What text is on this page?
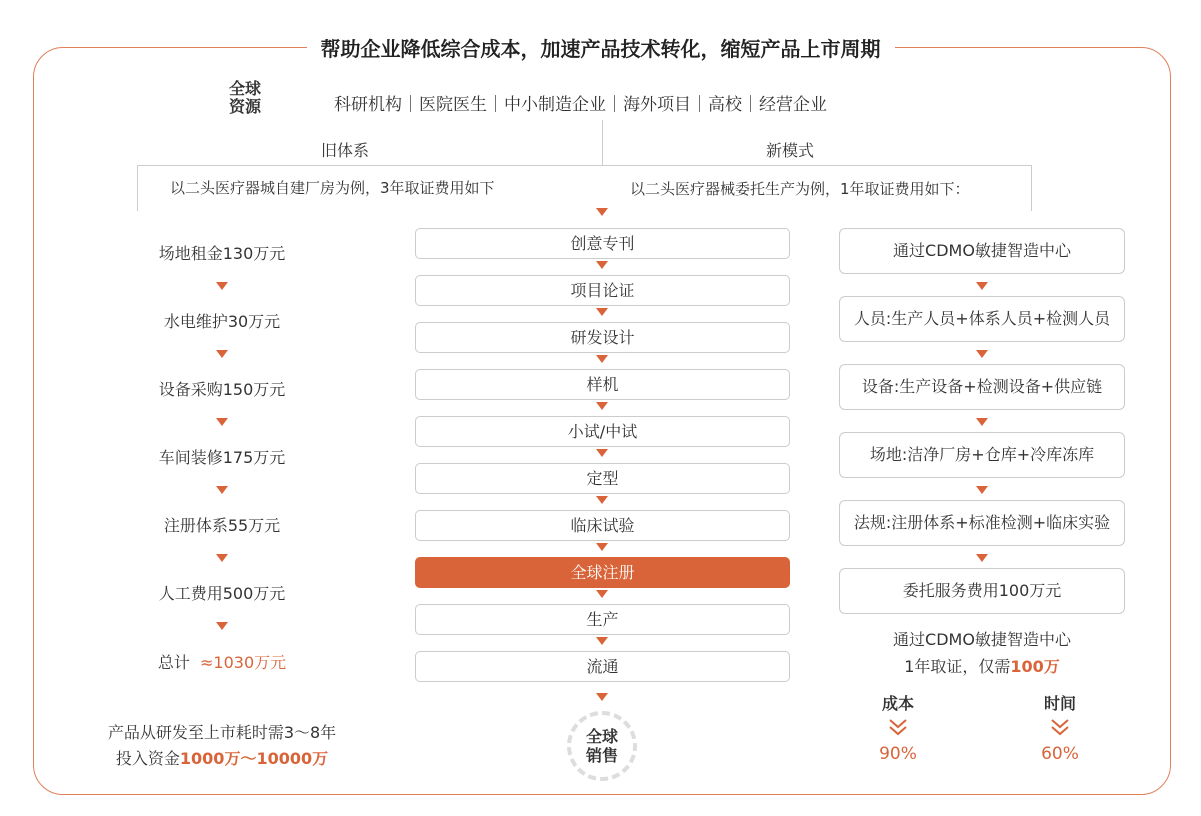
帮助企业降低综合成本，加速产品技术转化，缩短产品上市周期
全球
资源	科研机构｜医院医生｜中小制造企业｜海外项目｜高校｜经营企业
旧体系	新模式
以二头医疗器城自建厂房为例，3年取证费用如下	以二头医疗器械委托生产为例，1年取证费用如下：
场地租金130万元
水电维护30万元
设备采购150万元
车间装修175万元
注册体系55万元
人工费用500万元
总计 ≈1030万元
产品从研发至上市耗时需3～8年
投入资金1000万～10000万
创意专刊
项目论证
研发设计
样机
小试/中试
定型
临床试验
全球注册
生产
流通
全球
销售
通过CDMO敏捷智造中心
人员:生产人员+体系人员+检测人员
设备:生产设备+检测设备+供应链
场地:洁净厂房+仓库+冷库冻库
法规:注册体系+标准检测+临床实验
委托服务费用100万元
通过CDMO敏捷智造中心
1年取证，仅需100万
成本	时间
90%	60%
